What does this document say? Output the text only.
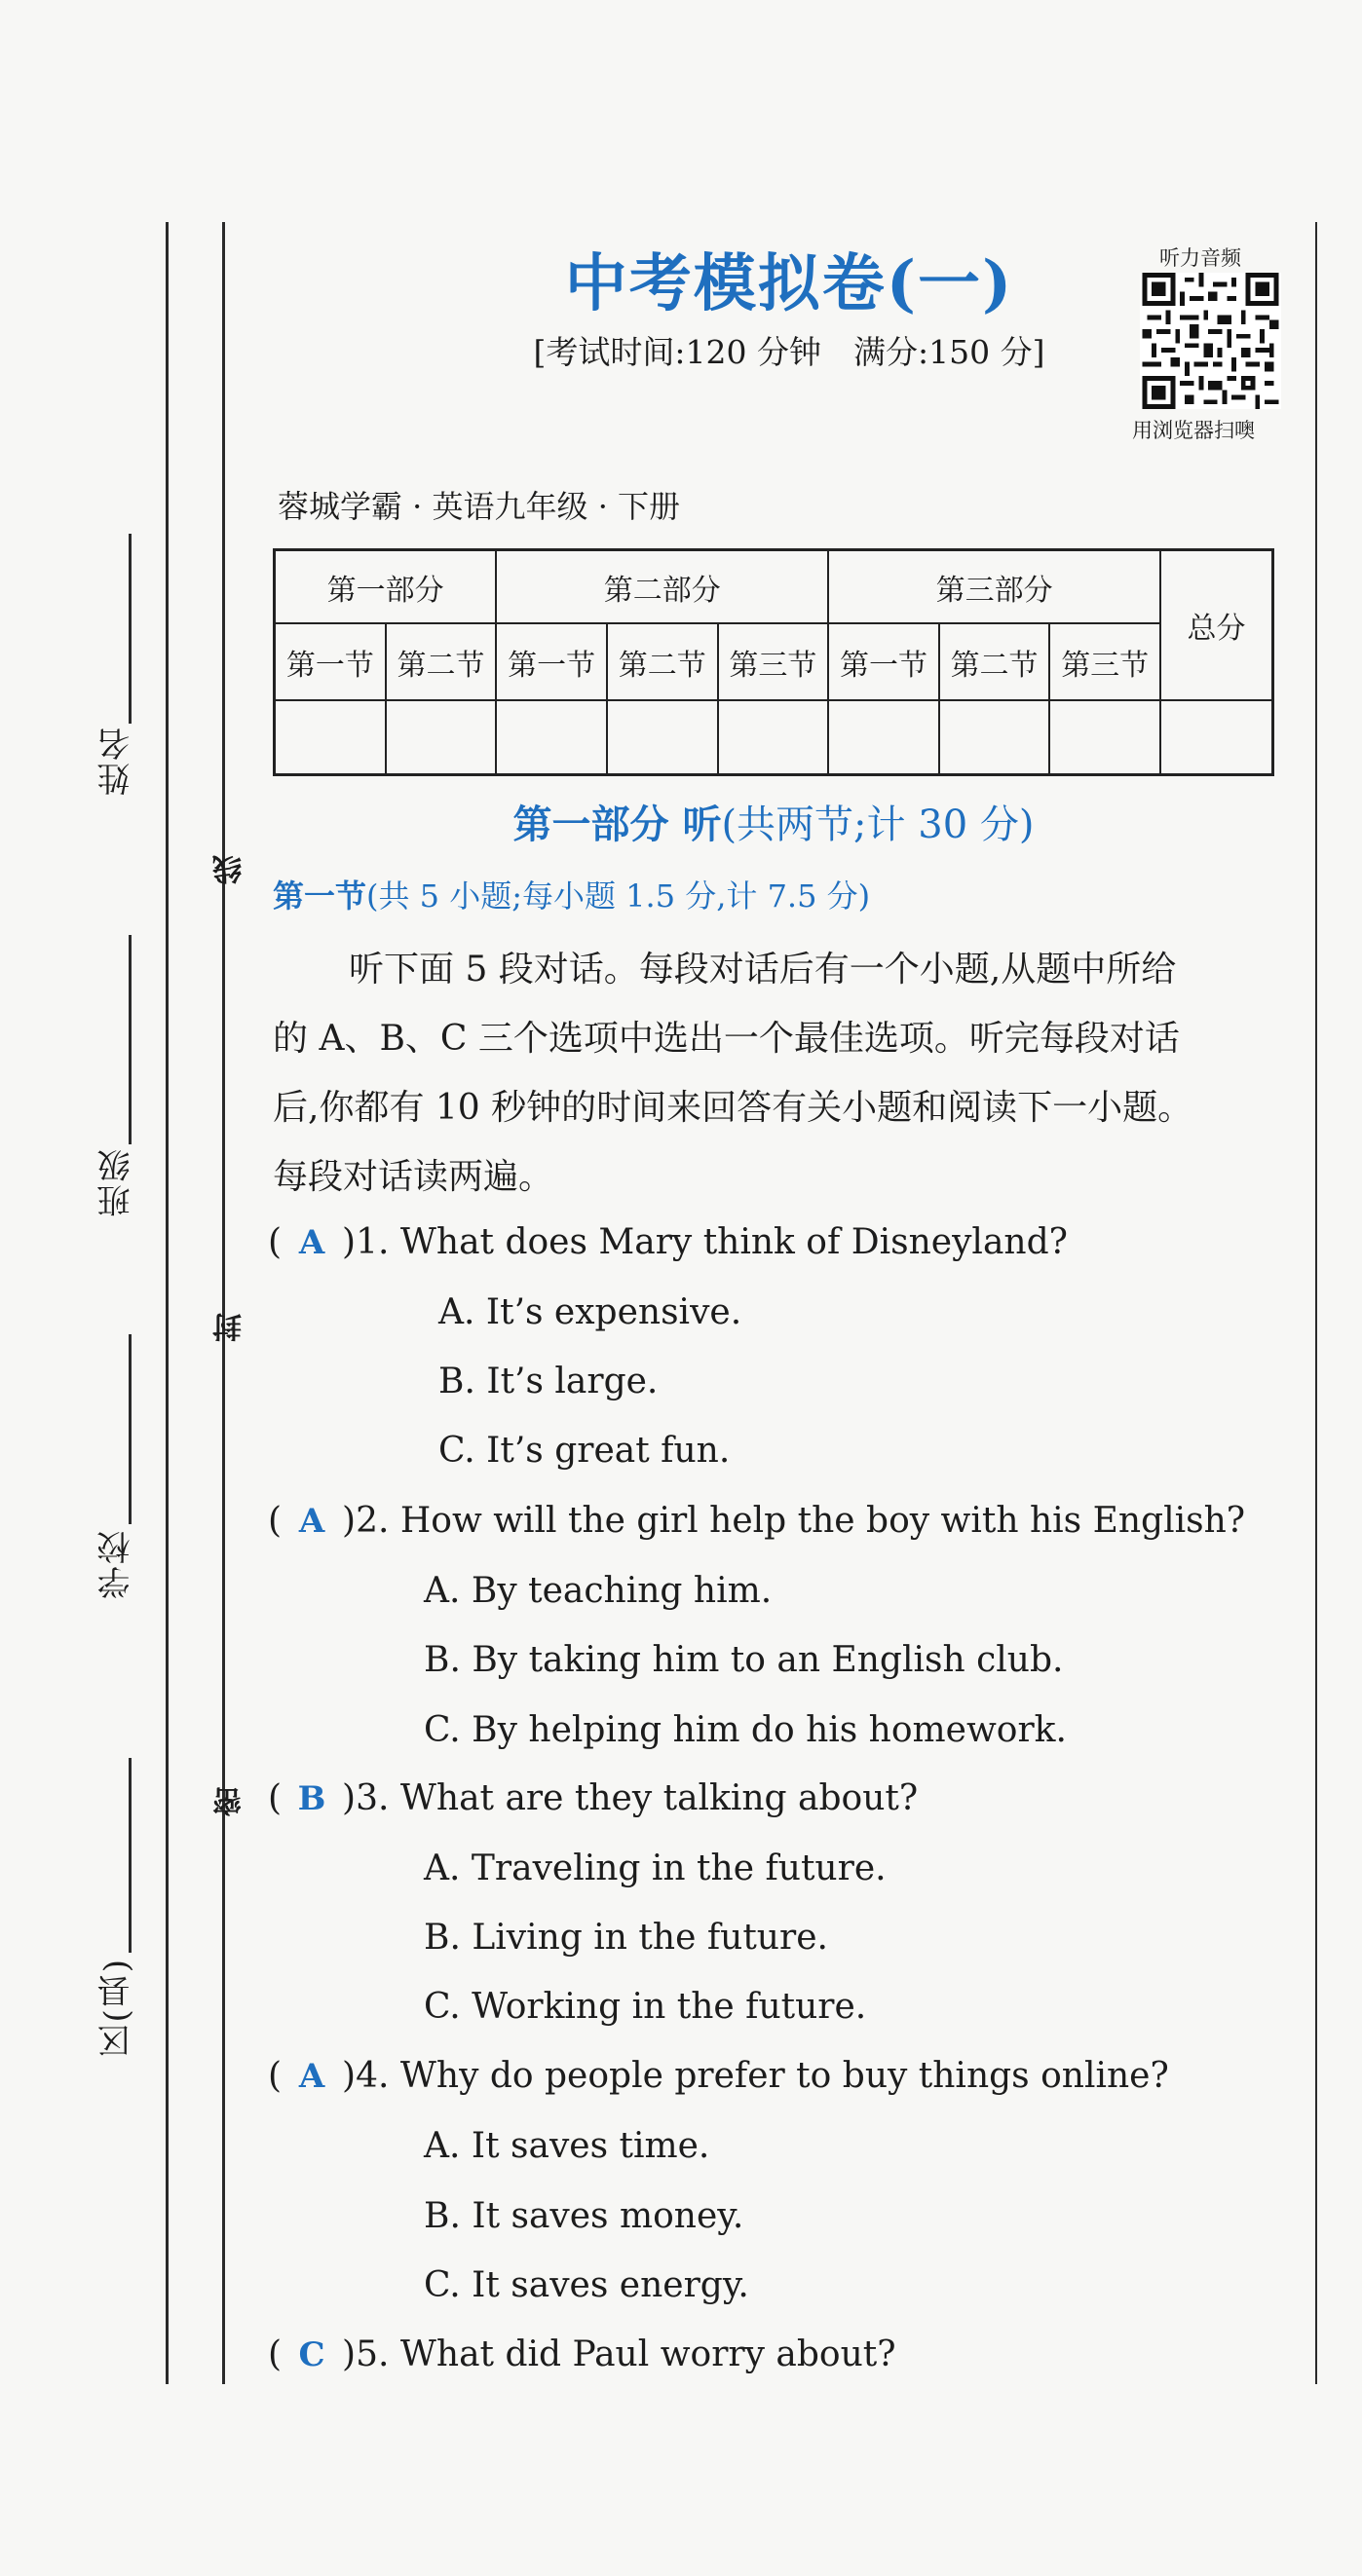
姓名
班级
学校
区(县)
线
封
密
中考模拟卷(一)
[考试时间:120 分钟　满分:150 分]
听力音频
用浏览器扫噢
蓉城学霸 · 英语九年级 · 下册
第一部分		第二部分			第三部分			总分
第一节	第二节	第一节	第二节	第三节	第一节	第二节	第三节	

第一部分 听(共两节;计 30 分)
第一节(共 5 小题;每小题 1.5 分,计 7.5 分)

听下面 5 段对话。每段对话后有一个小题,从题中所给

的 A、B、C 三个选项中选出一个最佳选项。听完每段对话

后,你都有 10 秒钟的时间来回答有关小题和阅读下一小题。

每段对话读两遍。

( A )1. What does Mary think of Disneyland?
A. It’s expensive.
B. It’s large.
C. It’s great fun.
( A )2. How will the girl help the boy with his English?
A. By teaching him.
B. By taking him to an English club.
C. By helping him do his homework.
( B )3. What are they talking about?
A. Traveling in the future.
B. Living in the future.
C. Working in the future.
( A )4. Why do people prefer to buy things online?
A. It saves time.
B. It saves money.
C. It saves energy.
( C )5. What did Paul worry about?
